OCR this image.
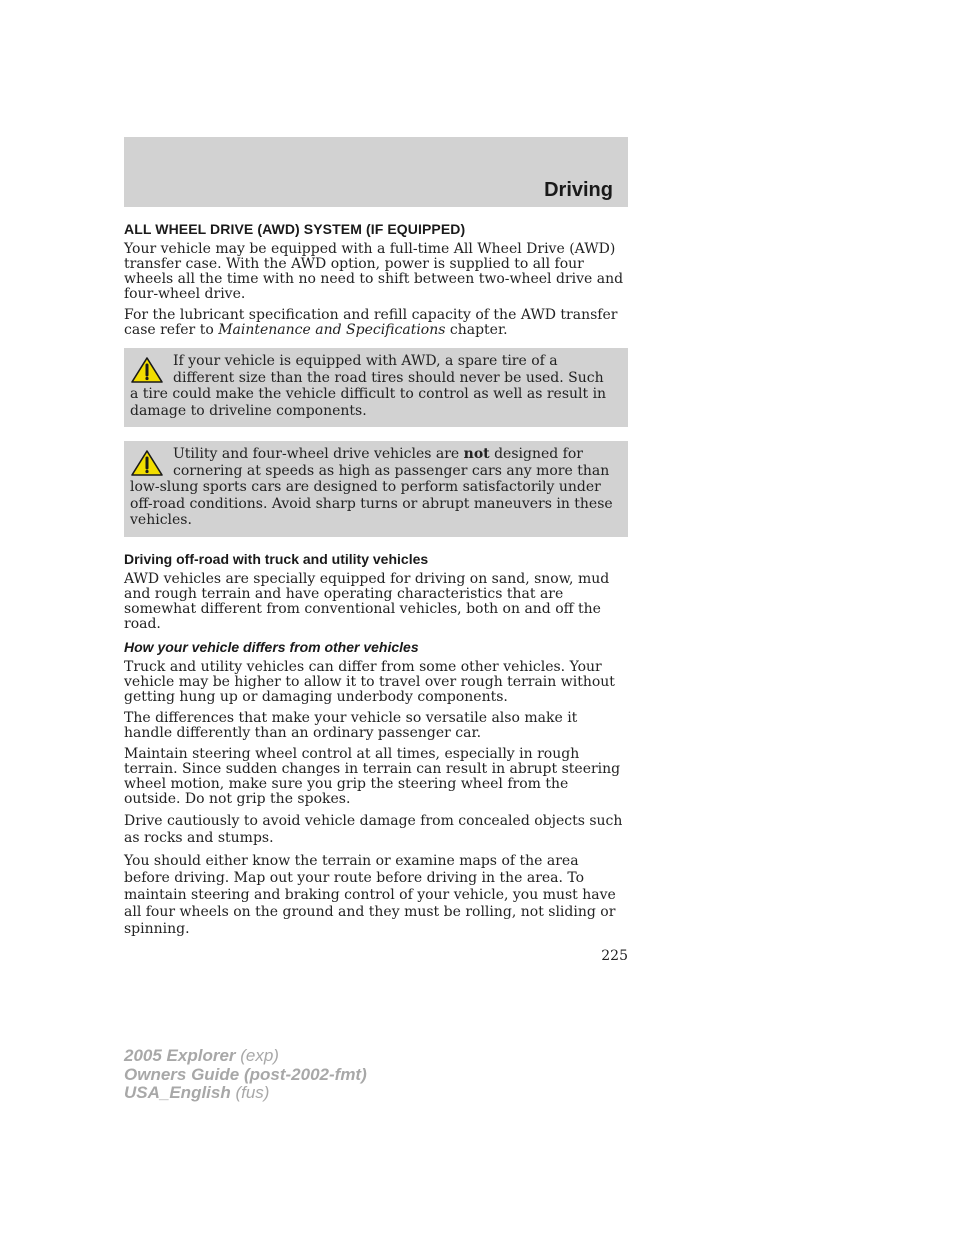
Driving
ALL WHEEL DRIVE (AWD) SYSTEM (IF EQUIPPED)

Your vehicle may be equipped with a full-time All Wheel Drive (AWD) transfer case. With the AWD option, power is supplied to all four wheels all the time with no need to shift between two-wheel drive and four-wheel drive.

For the lubricant specification and refill capacity of the AWD transfer case refer to Maintenance and Specifications chapter.

If your vehicle is equipped with AWD, a spare tire of a different size than the road tires should never be used. Such a tire could make the vehicle difficult to control as well as result in damage to driveline components.
Utility and four-wheel drive vehicles are not designed for cornering at speeds as high as passenger cars any more than low-slung sports cars are designed to perform satisfactorily under off-road conditions. Avoid sharp turns or abrupt maneuvers in these vehicles.
Driving off-road with truck and utility vehicles

AWD vehicles are specially equipped for driving on sand, snow, mud and rough terrain and have operating characteristics that are somewhat different from conventional vehicles, both on and off the road.

How your vehicle differs from other vehicles

Truck and utility vehicles can differ from some other vehicles. Your vehicle may be higher to allow it to travel over rough terrain without getting hung up or damaging underbody components.

The differences that make your vehicle so versatile also make it handle differently than an ordinary passenger car.

Maintain steering wheel control at all times, especially in rough terrain. Since sudden changes in terrain can result in abrupt steering wheel motion, make sure you grip the steering wheel from the outside. Do not grip the spokes.

Drive cautiously to avoid vehicle damage from concealed objects such as rocks and stumps.

You should either know the terrain or examine maps of the area before driving. Map out your route before driving in the area. To maintain steering and braking control of your vehicle, you must have all four wheels on the ground and they must be rolling, not sliding or spinning.

225
2005 Explorer (exp)
Owners Guide (post-2002-fmt)
USA_English (fus)
